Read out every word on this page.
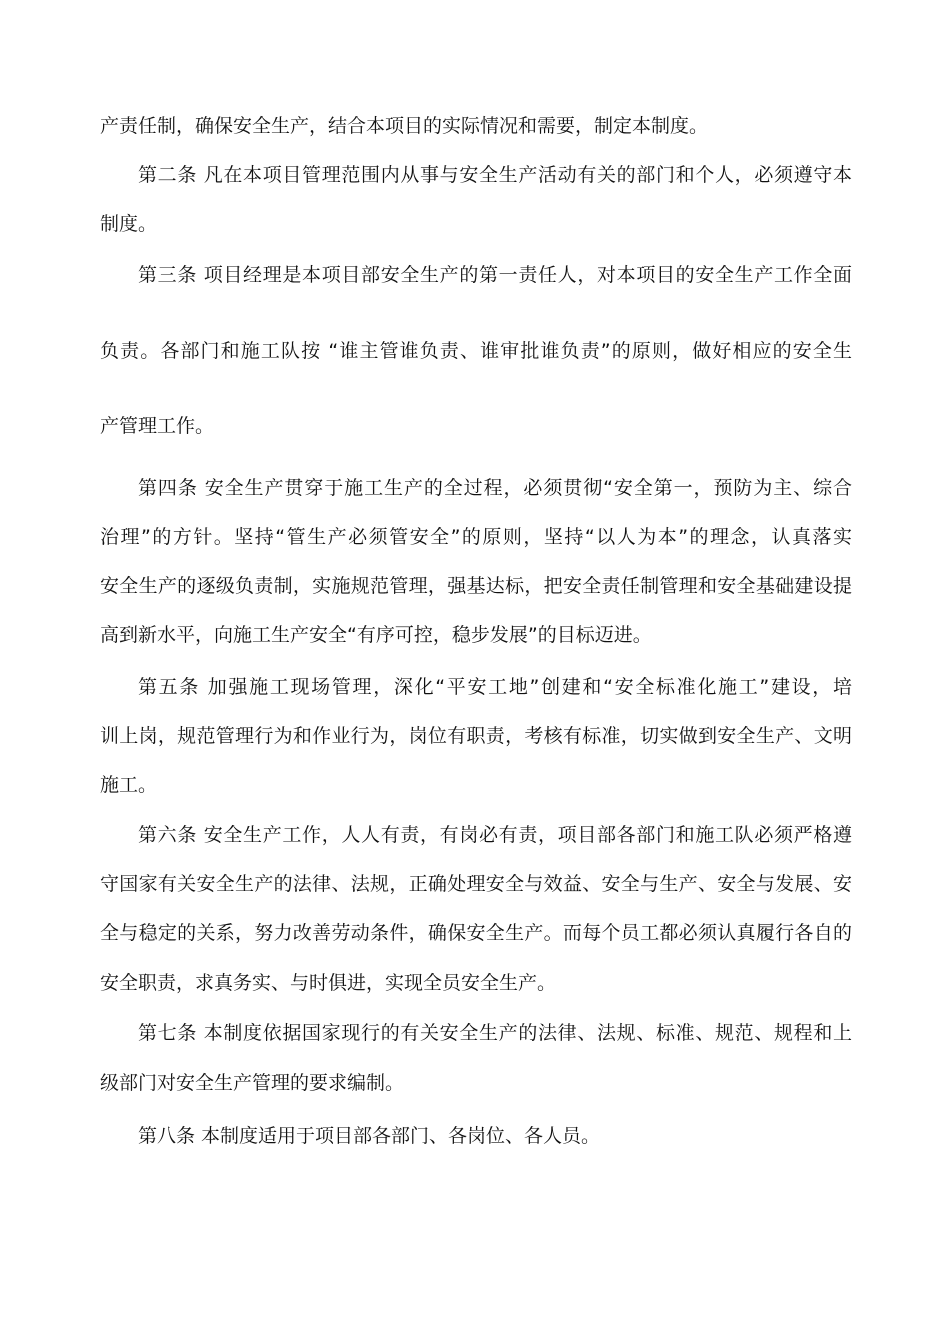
产责任制，确保安全生产，结合本项目的实际情况和需要，制定本制度。
第二条 凡在本项目管理范围内从事与安全生产活动有关的部门和个人，必须遵守本
制度。
第三条 项目经理是本项目部安全生产的第一责任人，对本项目的安全生产工作全面
负责。各部门和施工队按 “谁主管谁负责、谁审批谁负责”的原则，做好相应的安全生
产管理工作。
第四条 安全生产贯穿于施工生产的全过程，必须贯彻“安全第一，预防为主、综合
治理”的方针。坚持“管生产必须管安全”的原则，坚持“以人为本”的理念，认真落实
安全生产的逐级负责制，实施规范管理，强基达标，把安全责任制管理和安全基础建设提
高到新水平，向施工生产安全“有序可控，稳步发展”的目标迈进。
第五条 加强施工现场管理，深化“平安工地”创建和“安全标准化施工”建设，培
训上岗，规范管理行为和作业行为，岗位有职责，考核有标准，切实做到安全生产、文明
施工。
第六条 安全生产工作，人人有责，有岗必有责，项目部各部门和施工队必须严格遵
守国家有关安全生产的法律、法规，正确处理安全与效益、安全与生产、安全与发展、安
全与稳定的关系，努力改善劳动条件，确保安全生产。而每个员工都必须认真履行各自的
安全职责，求真务实、与时俱进，实现全员安全生产。
第七条 本制度依据国家现行的有关安全生产的法律、法规、标准、规范、规程和上
级部门对安全生产管理的要求编制。
第八条 本制度适用于项目部各部门、各岗位、各人员。
